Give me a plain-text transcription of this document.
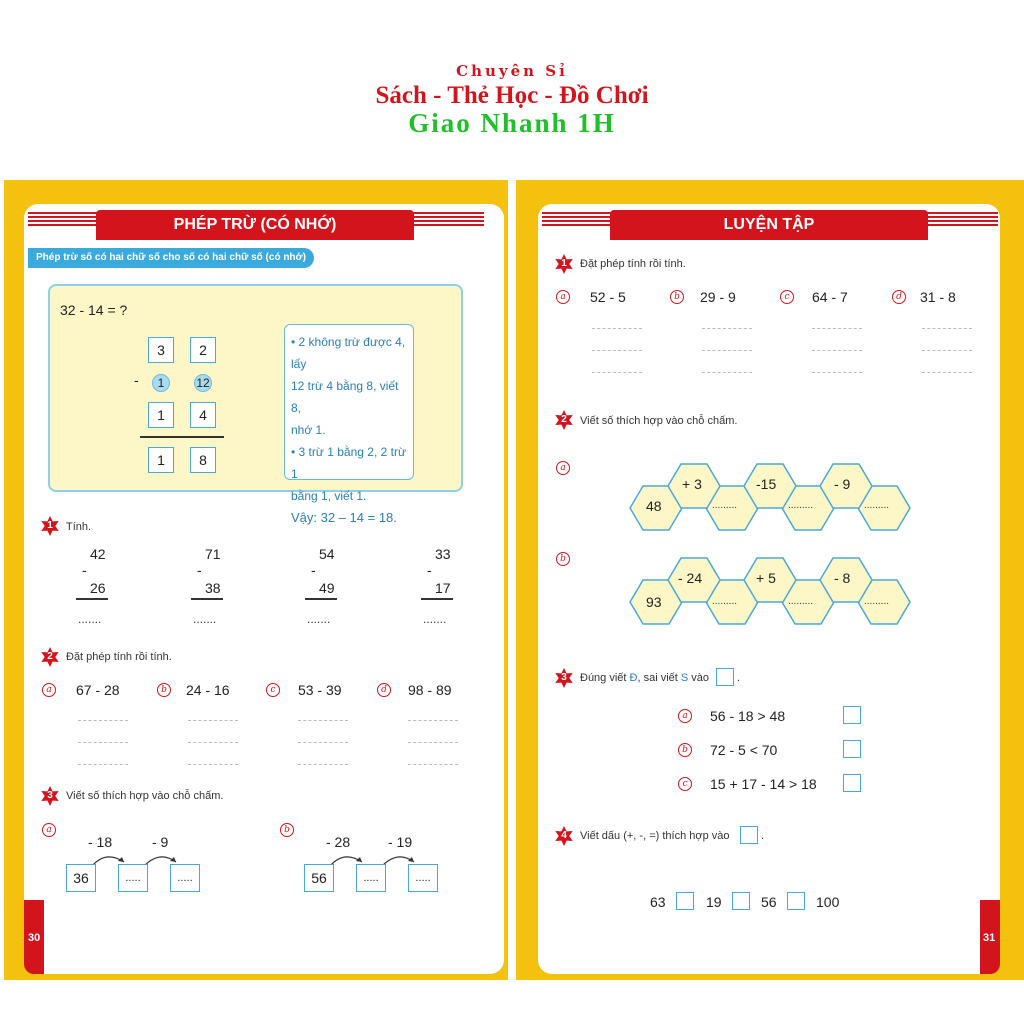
Chuyên Sỉ
Sách - Thẻ Học - Đồ Chơi
Giao Nhanh 1H
30
PHÉP TRỪ (CÓ NHỚ)
Phép trừ số có hai chữ số cho số có hai chữ số (có nhớ)
32 - 14 = ?
3	2
-	1	12
1	4
1	8
• 2 không trừ được 4, lấy
12 trừ 4 bằng 8, viết 8,
nhớ 1.
• 3 trừ 1 bằng 2, 2 trừ 1
bằng 1, viết 1.
Vậy: 32 – 14 = 18.
1	Tính.
42
-
26
.......
71
-
38
.......
54
-
49
.......
33
-
17
.......
2	Đặt phép tính rồi tính.
a	67 - 28	b 24 - 16	c	53 - 39	d 98 - 89
3	Viết số thích hợp vào chỗ chấm.
a
- 18	- 9
36	.....	.....
b
- 28	- 19
56	.....	.....
31
LUYỆN TẬP
1	Đặt phép tính rồi tính.
a	52 - 5	b 29 - 9	c	64 - 7	d 31 - 8
2	Viết số thích hợp vào chỗ chấm.
a
48
+ 3	-15	- 9
.........	.........	.........
b
93
- 24	+ 5	- 8
.........	.........	.........
3	Đúng viết Đ, sai viết S vào	.
a	56 - 18 > 48
b 72 - 5 < 70
c	15 + 17 - 14 > 18
4	Viết dấu (+, -, =) thích hợp vào	.
63	19	56	100
